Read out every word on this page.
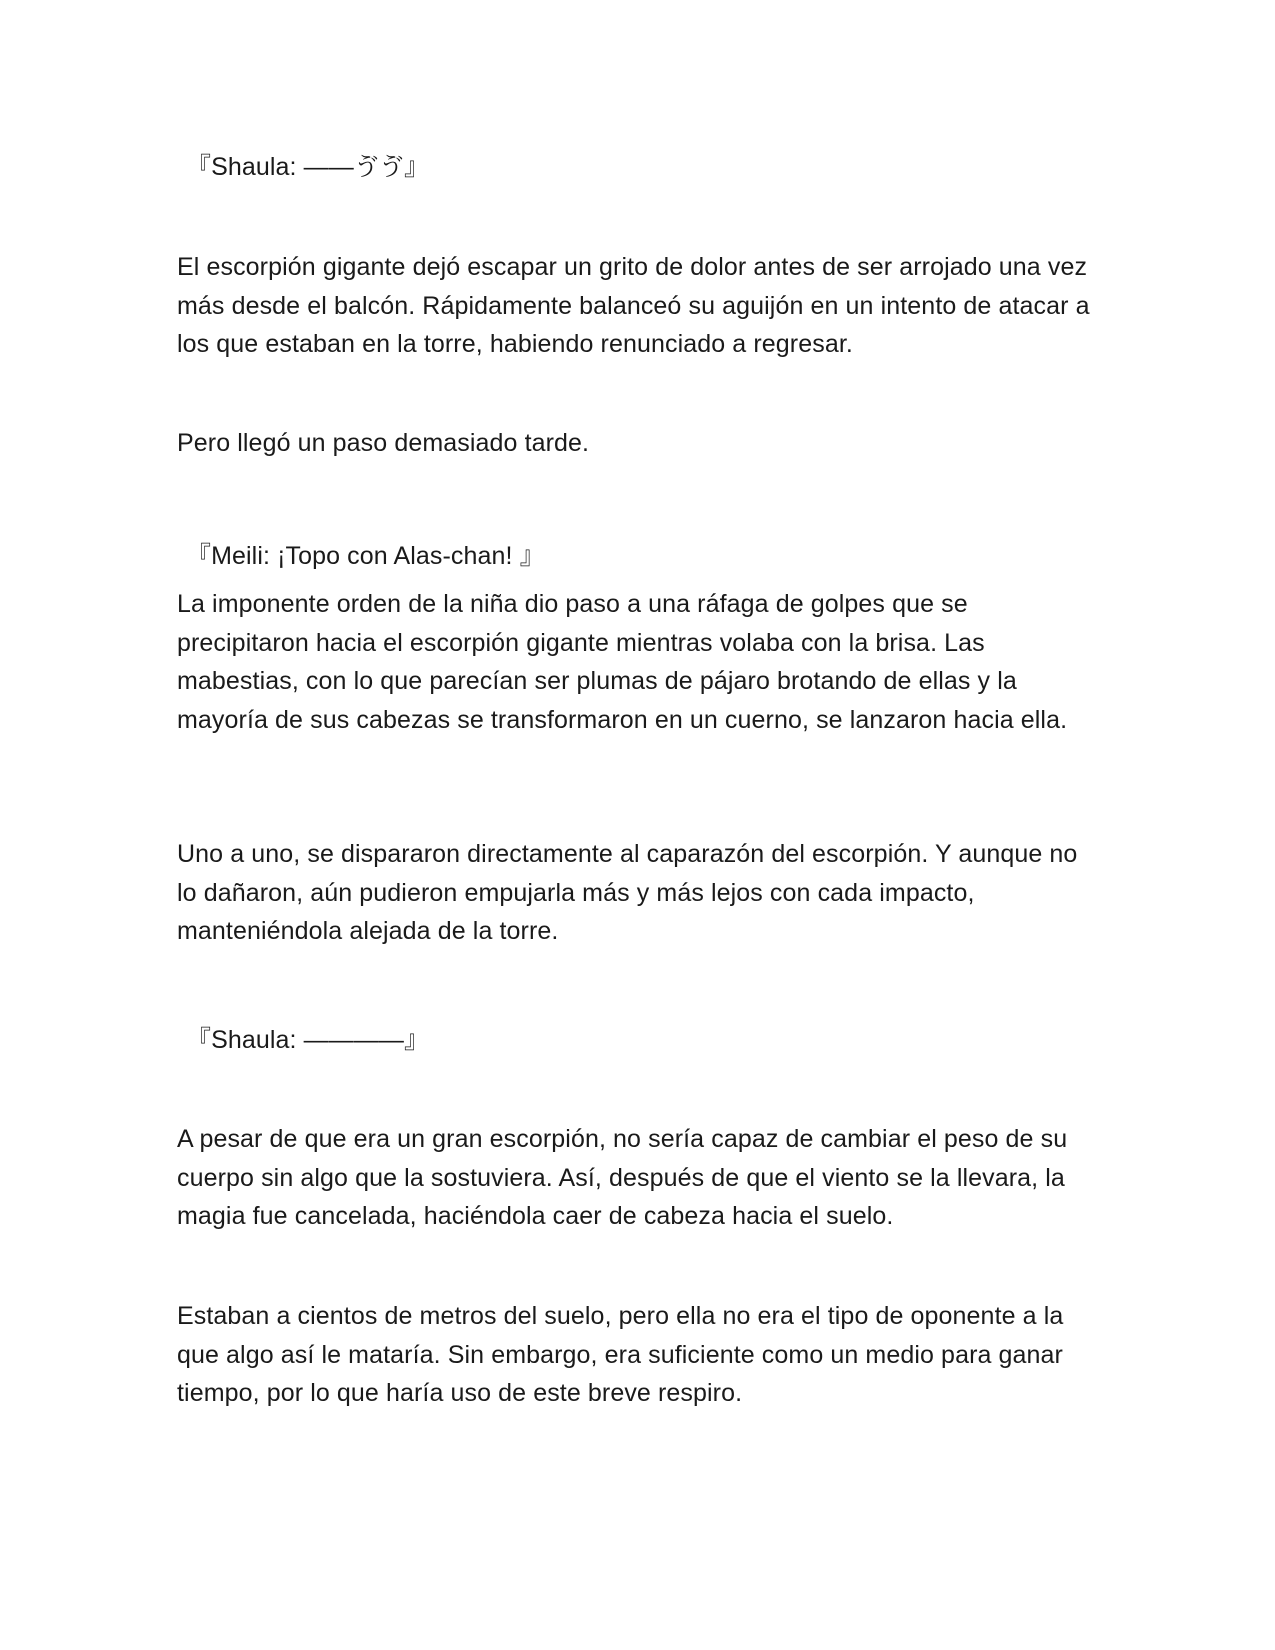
『Shaula: ——ゔゔ』

El escorpión gigante dejó escapar un grito de dolor antes de ser arrojado una vez más desde el balcón. Rápidamente balanceó su aguijón en un intento de atacar a los que estaban en la torre, habiendo renunciado a regresar.

Pero llegó un paso demasiado tarde.

『Meili: ¡Topo con Alas-chan! 』

La imponente orden de la niña dio paso a una ráfaga de golpes que se precipitaron hacia el escorpión gigante mientras volaba con la brisa. Las mabestias, con lo que parecían ser plumas de pájaro brotando de ellas y la mayoría de sus cabezas se transformaron en un cuerno, se lanzaron hacia ella.

Uno a uno, se dispararon directamente al caparazón del escorpión. Y aunque no lo dañaron, aún pudieron empujarla más y más lejos con cada impacto, manteniéndola alejada de la torre.

『Shaula: ————』

A pesar de que era un gran escorpión, no sería capaz de cambiar el peso de su cuerpo sin algo que la sostuviera. Así, después de que el viento se la llevara, la magia fue cancelada, haciéndola caer de cabeza hacia el suelo.

Estaban a cientos de metros del suelo, pero ella no era el tipo de oponente a la que algo así le mataría. Sin embargo, era suficiente como un medio para ganar tiempo, por lo que haría uso de este breve respiro.
